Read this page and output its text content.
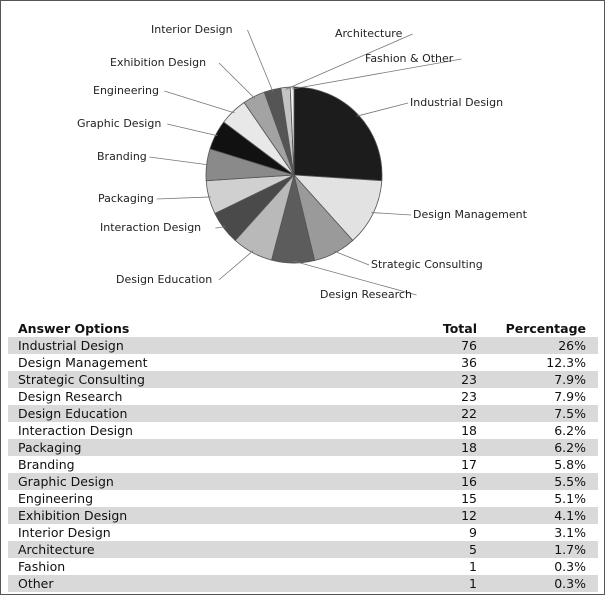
Industrial Design
Design Management
Strategic Consulting
Design Research
Design Education
Interaction Design
Packaging
Branding
Graphic Design
Engineering
Exhibition Design
Interior Design	Architecture
Fashion & Other
Answer Options	Total	Percentage
Industrial Design	76	26%
Design Management	36	12.3%
Strategic Consulting	23	7.9%
Design Research	23	7.9%
Design Education	22	7.5%
Interaction Design	18	6.2%
Packaging	18	6.2%
Branding	17	5.8%
Graphic Design	16	5.5%
Engineering	15	5.1%
Exhibition Design	12	4.1%
Interior Design	9	3.1%
Architecture	5	1.7%
Fashion	1	0.3%
Other	1	0.3%
